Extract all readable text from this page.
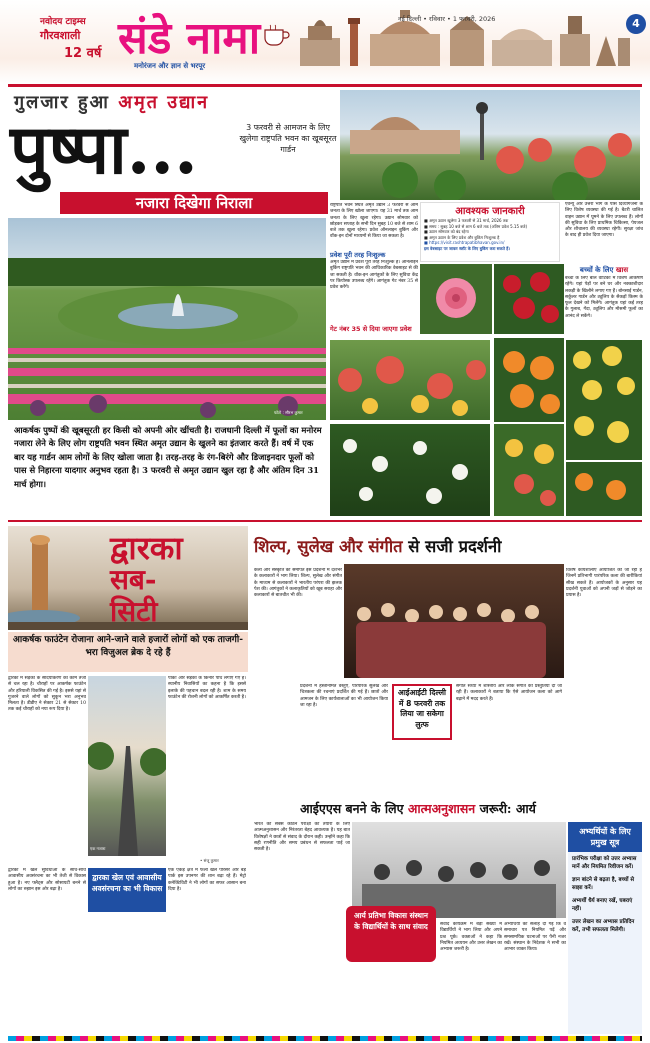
नवोदय टाइम्स
गौरवशाली
12 वर्ष संडे नामा
मनोरंजन और ज्ञान से भरपूर
नई दिल्ली • रविवार • 1 फरवरी, 2026	4
गुलजार हुआ अमृत उद्यान
पुष्पा...	3 फरवरी से आमजन के लिए खुलेगा राष्ट्रपति भवन का खूबसूरत गार्डन
नजारा दिखेगा निराला
फोटो : सौरभ कुमार
राष्ट्रपति भवन स्थित अमृत उद्यान 3 फरवरी से आम जनता के लिए खोला जाएगा। यह 31 मार्च तक आम जनता के लिए खुला रहेगा। उद्यान सोमवार को छोड़कर सप्ताह के सभी दिन सुबह 10 बजे से शाम 6 बजे तक खुला रहेगा। प्रवेश ऑनलाइन बुकिंग और वॉक-इन दोनों माध्यमों से किया जा सकता है।
प्रवेश पूरी तरह निःशुल्क
अमृत उद्यान में प्रवेश पूरी तरह निःशुल्क है। ऑनलाइन बुकिंग राष्ट्रपति भवन की आधिकारिक वेबसाइट से की जा सकती है। वॉक-इन आगंतुकों के लिए सुविधा केंद्र पर कियोस्क उपलब्ध रहेंगे। आगंतुक गेट नंबर 35 से प्रवेश करेंगे।
गेट नंबर 35 से दिया जाएगा प्रवेश
आवश्यक जानकारी
■ अमृत उद्यान खुलेगा 3 फरवरी से 31 मार्च, 2026 तक
■ समय : सुबह 10 बजे से शाम 6 बजे तक (अंतिम प्रवेश 5.15 बजे)
■ उद्यान सोमवार को बंद रहेगा
■ अमृत उद्यान के लिए प्रवेश और बुकिंग निःशुल्क है
■ https://visit.rashtrapatibhavan.gov.in/
इस वेबसाइट पर जाकर स्लॉट के लिए बुकिंग करा सकते हैं।
एवेन्यू और उत्तरी भाग के पास दिव्यांगजनों के लिए विशेष व्यवस्था की गई है। बैटरी चालित वाहन उद्यान में घूमने के लिए उपलब्ध हैं। लोगों की सुविधा के लिए प्राथमिक चिकित्सा, पेयजल और शौचालय की व्यवस्था रहेगी। सुरक्षा जांच के बाद ही प्रवेश दिया जाएगा।
बच्चों के लिए खास
बच्चों के लिए बाल वाटिका में विशेष आकर्षण रहेंगे। यहां पेड़ों पर बने घर और नक्काशीदार लकड़ी के खिलौने लगाए गए हैं। बोनसाई गार्डन, सर्कुलर गार्डन और ट्यूलिप के सैकड़ों किस्म के फूल देखने को मिलेंगे। आगंतुक यहां कई तरह के गुलाब, गेंदा, ट्यूलिप और मौसमी फूलों का आनंद ले सकेंगे।
आकर्षक पुष्पों की खूबसूरती हर किसी को अपनी ओर खींचती है। राजधानी दिल्ली में फूलों का मनोरम नजारा लेने के लिए लोग राष्ट्रपति भवन स्थित अमृत उद्यान के खुलने का इंतजार करते हैं। वर्ष में एक बार यह गार्डन आम लोगों के लिए खोला जाता है। तरह-तरह के रंग-बिरंगे और डिजाइनदार फूलों को पास से निहारना यादगार अनुभव रहता है। 3 फरवरी से अमृत उद्यान खुल रहा है और अंतिम दिन 31 मार्च होगा।
द्वारका
सब-
सिटी
आकर्षक फाउंटेन रोजाना आने-जाने वाले हजारों लोगों को एक ताजगी-भरा विजुअल ब्रेक दे रहे हैं
द्वारका में सड़कों के सौंदर्यीकरण का काम तेजी से चल रहा है। चौराहों पर आकर्षक फाउंटेन और हरियाली विकसित की गई है। इससे यहां से गुजरने वाले लोगों को सुकून भरा अनुभव मिलता है। डीडीए ने सेक्टर 21 से सेक्टर 10 तक कई चौराहों को नया रूप दिया है।
एक नजारा
पार्कों और सड़कों के किनारे पौधे लगाए गए हैं। स्थानीय निवासियों का कहना है कि इससे इलाके की पहचान बदल रही है। शाम के समय फाउंटेन की रोशनी लोगों को आकर्षित करती है।
• संजू कुमार
द्वारका खेल एवं आवासीय अवसंरचना का भी विकास
द्वारका में खेल सुविधाओं के साथ-साथ आवासीय अवसंरचना का भी तेजी से विकास हुआ है। नए फ्लैट्स और सोसायटी बनने से लोगों का रुझान इस ओर बढ़ा है।
एक एकड़ क्षेत्र में फैला खेल परिसर और बड़े पार्क इस उपनगर की शान बढ़ा रहे हैं। मेट्रो कनेक्टिविटी ने भी लोगों का सफर आसान बना दिया है।
शिल्प, सुलेख और संगीत से सजी प्रदर्शनी
कला और संस्कृति को समर्पित इस प्रदर्शनी में देशभर के कलाकारों ने भाग लिया। शिल्प, सुलेख और संगीत के माध्यम से कलाकारों ने भारतीय परंपरा की झलक पेश की। आगंतुकों ने कलाकृतियों को खूब सराहा और कलाकारों से बातचीत भी की।
विशेष कार्यशालाएं आयोजित की जा रही हैं जिनमें प्रतिभागी पारंपरिक कला की बारीकियां सीख सकते हैं। आयोजकों के अनुसार यह प्रदर्शनी युवाओं को अपनी जड़ों से जोड़ने का प्रयास है।
आईआईटी दिल्ली में 8 फरवरी तक लिया जा सकेगा लुत्फ
प्रदर्शनी में हस्तनिर्मित वस्तुएं, पारंपरिक सुलेख और चित्रकला की रचनाएं प्रदर्शित की गई हैं। छात्रों और आमजन के लिए कार्यशालाओं का भी आयोजन किया जा रहा है।
संगीत संध्या में शास्त्रीय और लोक संगीत की प्रस्तुतियां दी जा रही हैं। कलाकारों ने बताया कि ऐसे आयोजन कला को आगे बढ़ाने में मदद करते हैं।
आईएएस बनने के लिए आत्मअनुशासन जरूरी: आर्य
भारत की सबसे कठिन परीक्षा की तैयारी के लिए आत्मअनुशासन और निरंतरता बेहद आवश्यक है। यह बात विशेषज्ञों ने छात्रों से संवाद के दौरान कही। उन्होंने कहा कि सही रणनीति और समय प्रबंधन से सफलता पाई जा सकती है।
आर्य प्रतिभा विकास संस्थान के विद्यार्थियों के साथ संवाद	संवाद कार्यक्रम में बड़ी संख्या में विद्यार्थियों ने भाग लिया और अपने प्रश्न पूछे। वक्ताओं ने कहा कि नियमित अध्ययन और उत्तर लेखन का अभ्यास जरूरी है।
अभ्यर्थियों को सलाह दी गई कि वे समाचार पत्र नियमित पढ़ें और समसामयिक घटनाओं पर पैनी नजर रखें। संस्थान के निदेशक ने सभी का आभार व्यक्त किया।
अभ्यर्थियों के लिए प्रमुख सूत्र
प्रारंभिक परीक्षा को उत्तर अभ्यास मानें और नियमित रिवीजन करें।
ज्ञान बांटने से बढ़ता है, बच्चों से साझा करें।
अभ्यर्थी धैर्य बनाए रखें, घबराएं नहीं।
उत्तर लेखन का अभ्यास प्रतिदिन करें, तभी सफलता मिलेगी।
